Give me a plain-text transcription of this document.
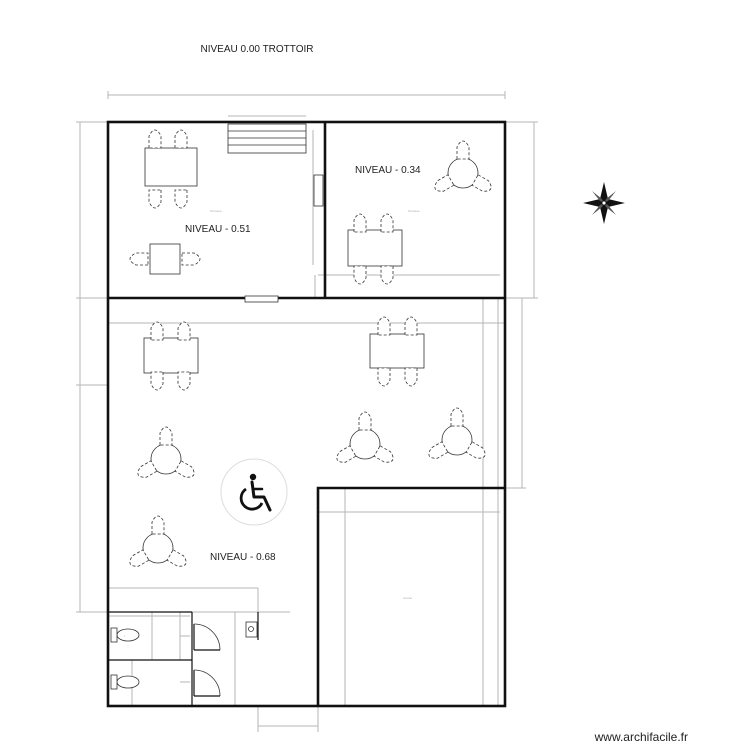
NIVEAU 0.00 TROTTOIR
t
NIVEAU - 0.51
Terrasse
NIVEAU - 0.34
Terrasse
NIVEAU - 0.68
remise
www.archifacile.fr
